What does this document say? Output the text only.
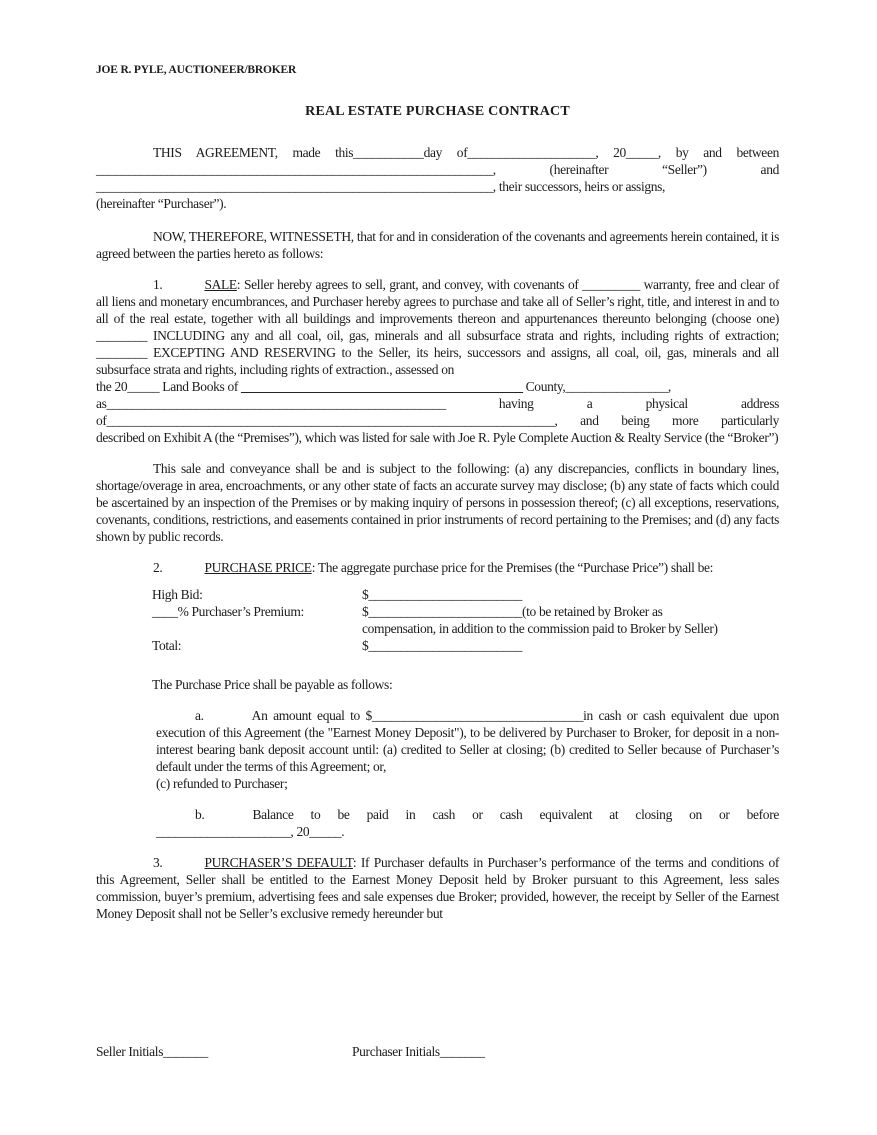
JOE R. PYLE, AUCTIONEER/BROKER
REAL ESTATE PURCHASE CONTRACT
THIS AGREEMENT, made this___________day of____________________, 20_____, by and between
______________________________________________________________, (hereinafter “Seller”) and
______________________________________________________________, their successors, heirs or assigns,
(hereinafter “Purchaser”).
NOW, THEREFORE, WITNESSETH, that for and in consideration of the covenants and agreements herein contained, it is agreed between the parties hereto as follows:
1.	SALE: Seller hereby agrees to sell, grant, and convey, with covenants of _________ warranty, free and clear of all liens and monetary encumbrances, and Purchaser hereby agrees to purchase and take all of Seller’s right, title, and interest in and to all of the real estate, together with all buildings and improvements thereon and appurtenances thereunto belonging (choose one) ________ INCLUDING any and all coal, oil, gas, minerals and all subsurface strata and rights, including rights of extraction; ________ EXCEPTING AND RESERVING to the Seller, its heirs, successors and assigns, all coal, oil, gas, minerals and all subsurface strata and rights, including rights of extraction., assessed on
the 20_____ Land Books of ____________________________________________ County,________________,
as_____________________________________________________ having a physical address
of______________________________________________________________________, and being more particularly
described on Exhibit A (the “Premises”), which was listed for sale with Joe R. Pyle Complete Auction & Realty Service (the “Broker”)
This sale and conveyance shall be and is subject to the following: (a) any discrepancies, conflicts in boundary lines, shortage/overage in area, encroachments, or any other state of facts an accurate survey may disclose; (b) any state of facts which could be ascertained by an inspection of the Premises or by making inquiry of persons in possession thereof; (c) all exceptions, reservations, covenants, conditions, restrictions, and easements contained in prior instruments of record pertaining to the Premises; and (d) any facts shown by public records.
2.	PURCHASE PRICE: The aggregate purchase price for the Premises (the “Purchase Price”) shall be:
High Bid:	$________________________
____% Purchaser’s Premium:	$________________________(to be retained by Broker as
compensation, in addition to the commission paid to Broker by Seller)
Total:	$________________________
The Purchase Price shall be payable as follows:
a.	An amount equal to $_________________________________in cash or cash equivalent due upon execution of this Agreement (the "Earnest Money Deposit"), to be delivered by Purchaser to Broker, for deposit in a non-interest bearing bank deposit account until: (a) credited to Seller at closing; (b) credited to Seller because of Purchaser’s default under the terms of this Agreement; or,
(c) refunded to Purchaser;
b.	Balance to be paid in cash or cash equivalent at closing on or before
_____________________, 20_____.
3.	PURCHASER’S DEFAULT: If Purchaser defaults in Purchaser’s performance of the terms and conditions of this Agreement, Seller shall be entitled to the Earnest Money Deposit held by Broker pursuant to this Agreement, less sales commission, buyer’s premium, advertising fees and sale expenses due Broker; provided, however, the receipt by Seller of the Earnest Money Deposit shall not be Seller’s exclusive remedy hereunder but
Seller Initials_______	Purchaser Initials_______
